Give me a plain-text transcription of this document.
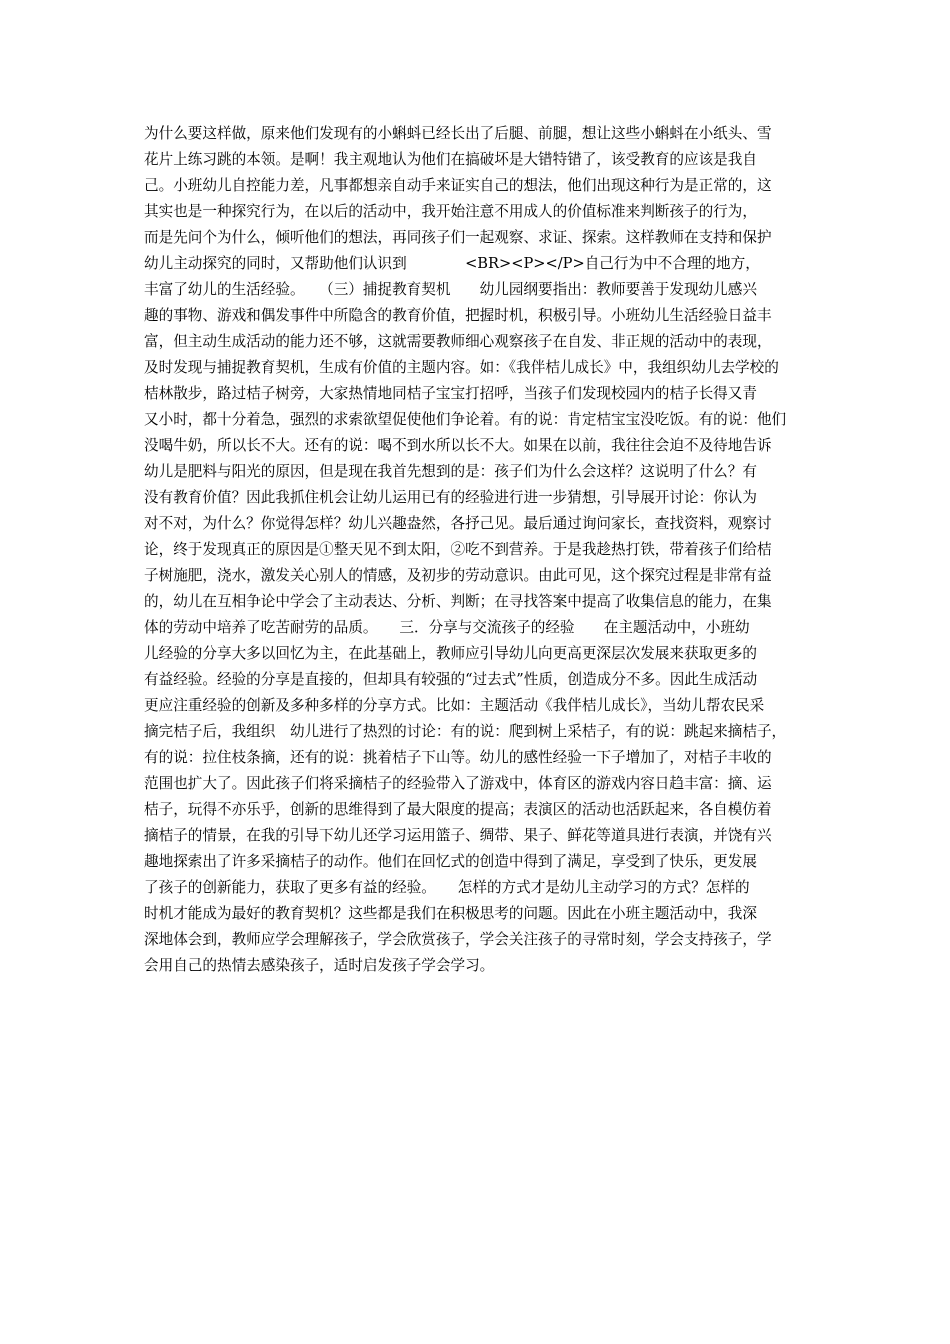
为什么要这样做，原来他们发现有的小蝌蚪已经长出了后腿、前腿，想让这些小蝌蚪在小纸头、雪
花片上练习跳的本领。是啊！我主观地认为他们在搞破坏是大错特错了，该受教育的应该是我自
己。小班幼儿自控能力差，凡事都想亲自动手来证实自己的想法，他们出现这种行为是正常的，这
其实也是一种探究行为，在以后的活动中，我开始注意不用成人的价值标准来判断孩子的行为，
而是先问个为什么，倾听他们的想法，再同孩子们一起观察、求证、探索。这样教师在支持和保护
幼儿主动探究的同时，又帮助他们认识到　　　　<BR><P></P>自己行为中不合理的地方，
丰富了幼儿的生活经验。　　（三）捕捉教育契机　　幼儿园纲要指出：教师要善于发现幼儿感兴
趣的事物、游戏和偶发事件中所隐含的教育价值，把握时机，积极引导。小班幼儿生活经验日益丰
富，但主动生成活动的能力还不够，这就需要教师细心观察孩子在自发、非正规的活动中的表现，
及时发现与捕捉教育契机，生成有价值的主题内容。如：《我伴桔儿成长》中，我组织幼儿去学校的
桔林散步，路过桔子树旁，大家热情地同桔子宝宝打招呼，当孩子们发现校园内的桔子长得又青
又小时，都十分着急，强烈的求索欲望促使他们争论着。有的说：肯定桔宝宝没吃饭。有的说：他们
没喝牛奶，所以长不大。还有的说：喝不到水所以长不大。如果在以前，我往往会迫不及待地告诉
幼儿是肥料与阳光的原因，但是现在我首先想到的是：孩子们为什么会这样？这说明了什么？有
没有教育价值？因此我抓住机会让幼儿运用已有的经验进行进一步猜想，引导展开讨论：你认为
对不对，为什么？你觉得怎样？幼儿兴趣盎然，各抒己见。最后通过询问家长，查找资料，观察讨
论，终于发现真正的原因是①整天见不到太阳，②吃不到营养。于是我趁热打铁，带着孩子们给桔
子树施肥，浇水，激发关心别人的情感，及初步的劳动意识。由此可见，这个探究过程是非常有益
的，幼儿在互相争论中学会了主动表达、分析、判断；在寻找答案中提高了收集信息的能力，在集
体的劳动中培养了吃苦耐劳的品质。　　三．分享与交流孩子的经验　　在主题活动中，小班幼
儿经验的分享大多以回忆为主，在此基础上，教师应引导幼儿向更高更深层次发展来获取更多的
有益经验。经验的分享是直接的，但却具有较强的“过去式”性质，创造成分不多。因此生成活动
更应注重经验的创新及多种多样的分享方式。比如：主题活动《我伴桔儿成长》，当幼儿帮农民采
摘完桔子后，我组织　幼儿进行了热烈的讨论：有的说：爬到树上采桔子，有的说：跳起来摘桔子，
有的说：拉住枝条摘，还有的说：挑着桔子下山等。幼儿的感性经验一下子增加了，对桔子丰收的
范围也扩大了。因此孩子们将采摘桔子的经验带入了游戏中，体育区的游戏内容日趋丰富：摘、运
桔子，玩得不亦乐乎，创新的思维得到了最大限度的提高；表演区的活动也活跃起来，各自模仿着
摘桔子的情景，在我的引导下幼儿还学习运用篮子、绸带、果子、鲜花等道具进行表演，并饶有兴
趣地探索出了许多采摘桔子的动作。他们在回忆式的创造中得到了满足，享受到了快乐，更发展
了孩子的创新能力，获取了更多有益的经验。　　怎样的方式才是幼儿主动学习的方式？怎样的
时机才能成为最好的教育契机？这些都是我们在积极思考的问题。因此在小班主题活动中，我深
深地体会到，教师应学会理解孩子，学会欣赏孩子，学会关注孩子的寻常时刻，学会支持孩子，学
会用自己的热情去感染孩子，适时启发孩子学会学习。
